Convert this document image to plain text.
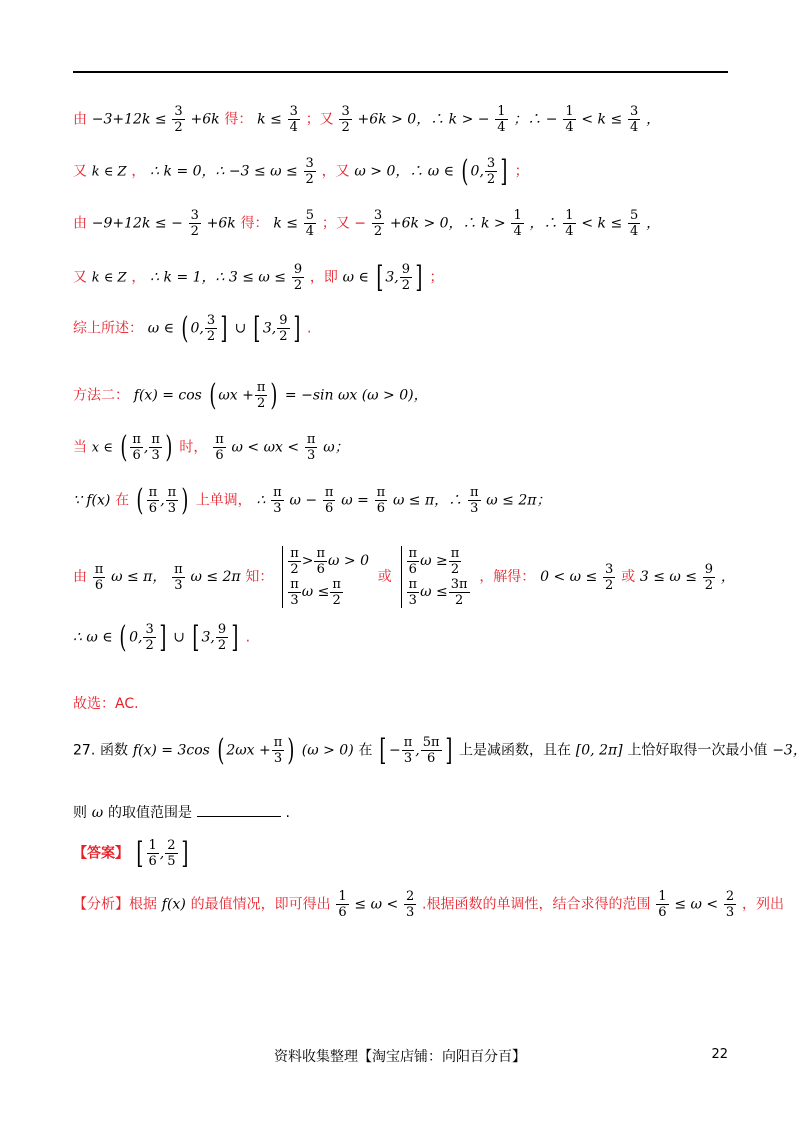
由 $-3+12k \le \frac{3}{2} +6k$ 得： $k \le \frac{3}{4}$ ；又 $\frac{3}{2} +6k > 0$，∴ k > − $\frac{1}{4}$ ；∴ − $\frac{1}{4} < k \le \frac{3}{4}$ ，
又 k ∈ Z ， ∴ k = 0，∴ $-3 \le \omega \le \frac{3}{2}$ ，又 ω > 0，∴ ω ∈ ( 0, $\frac{3}{2}$ ] ；
由 −9+12k ≤ − $\frac{3}{2} +6k$ 得： $k \le \frac{5}{4}$ ；又 − $\frac{3}{2} +6k > 0$，∴ $k > \frac{1}{4}$ ，∴ $\frac{1}{4} < k \le \frac{5}{4}$ ，
又 k ∈ Z ， ∴ k = 1，∴ $3 \le \omega \le \frac{9}{2}$ ，即 ω ∈ [ 3, $\frac{9}{2}$ ] ；
综上所述： ω ∈ ( 0, $\frac{3}{2}$ ] ∪ [ 3, $\frac{9}{2}$ ] .
方法二： f(x) = cos ( $\omega x + \frac{\pi}{2}$ ) = −sin ωx (ω > 0)，
当 x ∈ ( $\frac{\pi}{6}$ , $\frac{\pi}{3}$ ) 时， $\frac{\pi}{6}$ $\omega < \omega x < \frac{\pi}{3}$ ω；
∵ f(x) 在 ( $\frac{\pi}{6}$ , $\frac{\pi}{3}$ ) 上单调， ∴ $\frac{\pi}{3}$ $\omega - \frac{\pi}{6}$ $\omega = \frac{\pi}{6}$ ω ≤ π，∴ $\frac{\pi}{3}$ ω ≤ 2π；
由 $\frac{\pi}{6}$ ω ≤ π， $\frac{\pi}{3}$ ω ≤ 2π 知： $\frac{\pi}{2} > \frac{\pi}{6}$ ω > 0
$\frac{\pi}{3}$ $\omega \le \frac{\pi}{2}$ 或 $\frac{\pi}{6}$ $\omega \ge \frac{\pi}{2}$
$\frac{\pi}{3}$ $\omega \le \frac{3\pi}{2}$ ，解得： $0 < \omega \le \frac{3}{2}$ 或 $3 \le \omega \le \frac{9}{2}$ ，
∴ ω ∈ ( 0, $\frac{3}{2}$ ] ∪ [ 3, $\frac{9}{2}$ ] .
故选：AC.
27. 函数 f(x) = 3cos ( $2\omega x + \frac{\pi}{3}$ ) (ω > 0) 在 [ − $\frac{\pi}{3}$ , $\frac{5\pi}{6}$ ] 上是减函数，且在 [0, 2π] 上恰好取得一次最小值 −3，
则 ω 的取值范围是	.
【答案】 [ $\frac{1}{6}$ , $\frac{2}{5}$ ]
【分析】根据 f(x) 的最值情况，即可得出 $\frac{1}{6} \le \omega < \frac{2}{3}$ .根据函数的单调性，结合求得的范围 $\frac{1}{6} \le \omega < \frac{2}{3}$ ，列出
资料收集整理【淘宝店铺：向阳百分百】	22
